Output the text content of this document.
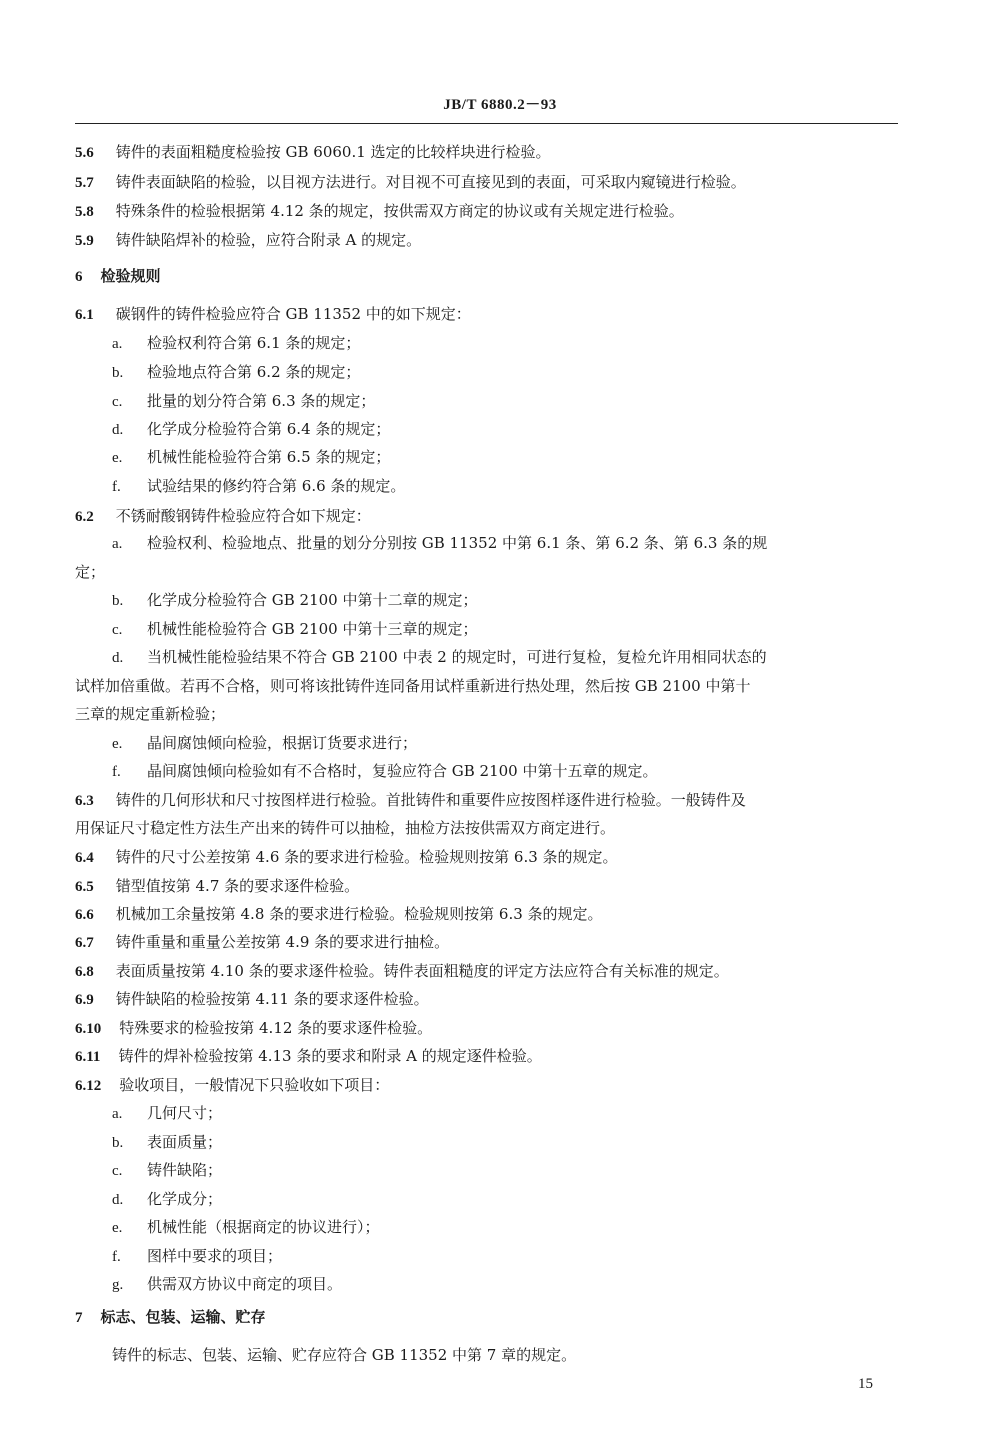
JB/T 6880.2－93
5.6 铸件的表面粗糙度检验按 GB 6060.1 选定的比较样块进行检验。
5.7 铸件表面缺陷的检验，以目视方法进行。对目视不可直接见到的表面，可采取内窥镜进行检验。
5.8 特殊条件的检验根据第 4.12 条的规定，按供需双方商定的协议或有关规定进行检验。
5.9 铸件缺陷焊补的检验，应符合附录 A 的规定。
6 检验规则
6.1 碳钢件的铸件检验应符合 GB 11352 中的如下规定：
a. 检验权利符合第 6.1 条的规定；
b. 检验地点符合第 6.2 条的规定；
c. 批量的划分符合第 6.3 条的规定；
d. 化学成分检验符合第 6.4 条的规定；
e. 机械性能检验符合第 6.5 条的规定；
f. 试验结果的修约符合第 6.6 条的规定。
6.2 不锈耐酸钢铸件检验应符合如下规定：
a. 检验权利、检验地点、批量的划分分别按 GB 11352 中第 6.1 条、第 6.2 条、第 6.3 条的规
定；
b. 化学成分检验符合 GB 2100 中第十二章的规定；
c. 机械性能检验符合 GB 2100 中第十三章的规定；
d. 当机械性能检验结果不符合 GB 2100 中表 2 的规定时，可进行复检，复检允许用相同状态的
试样加倍重做。若再不合格，则可将该批铸件连同备用试样重新进行热处理，然后按 GB 2100 中第十
三章的规定重新检验；
e. 晶间腐蚀倾向检验，根据订货要求进行；
f. 晶间腐蚀倾向检验如有不合格时，复验应符合 GB 2100 中第十五章的规定。
6.3 铸件的几何形状和尺寸按图样进行检验。首批铸件和重要件应按图样逐件进行检验。一般铸件及
用保证尺寸稳定性方法生产出来的铸件可以抽检，抽检方法按供需双方商定进行。
6.4 铸件的尺寸公差按第 4.6 条的要求进行检验。检验规则按第 6.3 条的规定。
6.5 错型值按第 4.7 条的要求逐件检验。
6.6 机械加工余量按第 4.8 条的要求进行检验。检验规则按第 6.3 条的规定。
6.7 铸件重量和重量公差按第 4.9 条的要求进行抽检。
6.8 表面质量按第 4.10 条的要求逐件检验。铸件表面粗糙度的评定方法应符合有关标准的规定。
6.9 铸件缺陷的检验按第 4.11 条的要求逐件检验。
6.10 特殊要求的检验按第 4.12 条的要求逐件检验。
6.11 铸件的焊补检验按第 4.13 条的要求和附录 A 的规定逐件检验。
6.12 验收项目，一般情况下只验收如下项目：
a. 几何尺寸；
b. 表面质量；
c. 铸件缺陷；
d. 化学成分；
e. 机械性能（根据商定的协议进行）；
f. 图样中要求的项目；
g. 供需双方协议中商定的项目。
7 标志、包装、运输、贮存
铸件的标志、包装、运输、贮存应符合 GB 11352 中第 7 章的规定。
15
